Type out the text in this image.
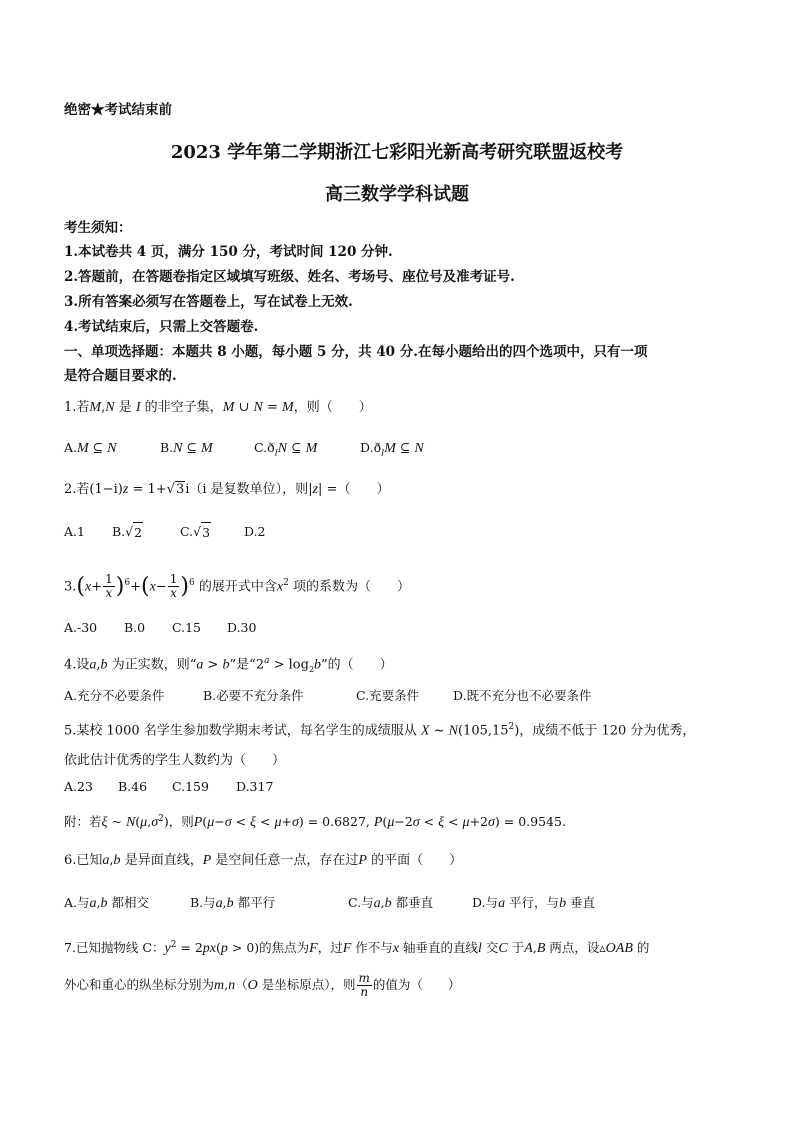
绝密★考试结束前
2023 学年第二学期浙江七彩阳光新高考研究联盟返校考
高三数学学科试题
考生须知：
1.本试卷共 4 页，满分 150 分，考试时间 120 分钟.
2.答题前，在答题卷指定区域填写班级、姓名、考场号、座位号及准考证号.
3.所有答案必须写在答题卷上，写在试卷上无效.
4.考试结束后，只需上交答题卷.
一、单项选择题：本题共 8 小题，每小题 5 分，共 40 分.在每小题给出的四个选项中，只有一项
是符合题目要求的.
1.若M,N 是 I 的非空子集，M ∪ N = M，则（　　）
A.M ⊆ N	B.N ⊆ M	$C.ð_IN$ ⊆ M	$D.ð_IM$ ⊆ N
2.若(1−i)z = 1+√3i（i 是复数单位），则|z| =（　　）
A.1 B.√ 2	C.√ 3	D.2
$3.(x+ \frac{1}{x} )^6+(x- \frac{1}{x} )^6$ 的展开式中含$x^2$ 项的系数为（　　）
A.-30 B.0 C.15 D.30
4.设a,b 为正实数，则“a > b”是“$2^a > \log_2b$”的（　　）
A.充分不必要条件	B.必要不充分条件	C.充要条件	D.既不充分也不必要条件
5.某校 1000 名学生参加数学期末考试，每名学生的成绩服从 X ~ N(105,15$^2$)，成绩不低于 120 分为优秀，
依此估计优秀的学生人数约为（　　）
A.23 B.46 C.159 D.317
附：若ξ ~ $N(\mu,\sigma^2)$，则P(μ−σ < ξ < μ+σ) = 0.6827, P(μ−2σ < ξ < μ+2σ) = 0.9545.
6.已知a,b 是异面直线，P 是空间任意一点，存在过P 的平面（　　）
A.与a,b 都相交	B.与a,b 都平行	C.与a,b 都垂直	D.与a 平行，与b 垂直
7.已知抛物线 C：$y^2 = 2px(p > 0)$的焦点为F，过F 作不与x 轴垂直的直线l 交C 于A,B 两点，设▵OAB 的
外心和重心的纵坐标分别为m,n（O 是坐标原点），则 $\frac{m}{n}$ 的值为（　　）
